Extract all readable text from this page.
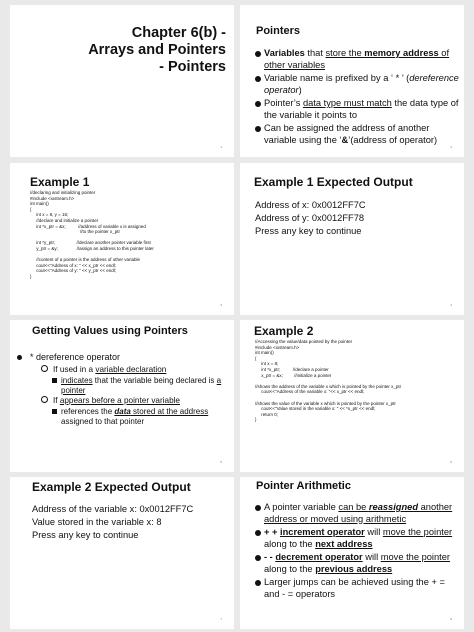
Chapter 6(b) -
Arrays and Pointers
- Pointers
1
Pointers
Variables that store the memory address of other variables
Variable name is prefixed by a ‘ * ’ (dereference operator)
Pointer’s data type must match the data type of the variable it points to
Can be assigned the address of another variable using the ‘&’(address of operator)
2
Example 1
//declaring and initializing pointer
#include <iostream.h>
int main()
{
int x = 8, y = 16;
//declare and initialize a pointer
int *x_ptr = &x;          //address of variable x is assigned
//to the pointer x_ptr

int *y_ptr;                 //declare another pointer variable first
y_ptr = &y;               //assign an address to this pointer later

//content of a pointer is the address of other variable
cout<<"Address of x: " << x_ptr << endl;
cout<<"Address of y: " << y_ptr << endl;
}
3
Example 1 Expected Output
Address of x: 0x0012FF7C
Address of y: 0x0012FF78
Press any key to continue
4
Getting Values using Pointers
* dereference operator
If used in a variable declaration
indicates that the variable being declared is a pointer
If appears before a pointer variable
references the data stored at the address assigned to that pointer
5
Example 2
//Accessing the value/data pointed by the pointer
#include <iostream.h>
int main()
{
int x = 8;
int *x_ptr;          //declare a pointer
x_ptr = &x;         //initialize a pointer

//shows the address of the variable x which is pointed by the pointer x_ptr
cout<<"Address of the variable x: "<< x_ptr << endl;

//shows the value of the variable x which is pointed by the pointer x_ptr
cout<<"Value stored in the variable x: " << *x_ptr << endl;
return 0;
}
6
Example 2 Expected Output
Address of the variable x: 0x0012FF7C
Value stored in the variable x: 8
Press any key to continue
7
Pointer Arithmetic
A pointer variable can be reassigned another address or moved using arithmetic
+ + increment operator will move the pointer along to the next address
- - decrement operator will move the pointer along to the previous address
Larger jumps can be achieved using the + = and - = operators
8
